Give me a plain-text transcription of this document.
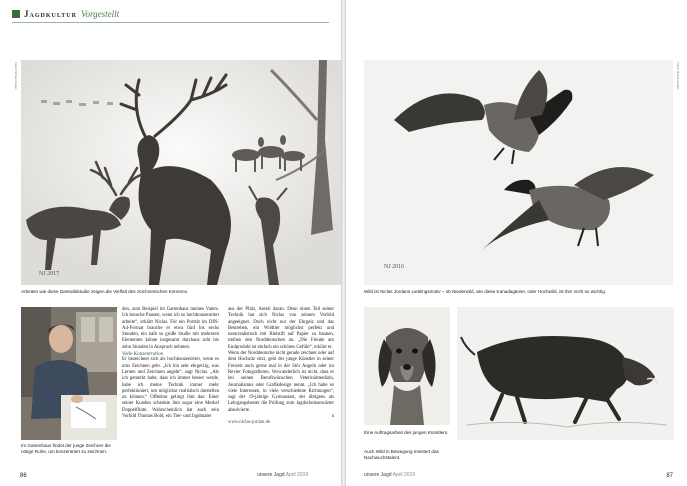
Jagdkultur Vorgestellt
NJ 2017
Fotos: Niclas Jordan
Arbeiten wie diese Damwildstudie zeigen die Vielfalt des zeichnerischen Könnens.
Im Gartenhaus findet der junge Zeichner die nötige Ruhe, um konzentriert zu zeichnen.

den, zum Beispiel im Gartenhaus meines Vaters. Ich brauche Pausen, wenn ich so hochkonzentriert arbeite“, erklärt Niclas. Für ein Porträt im DIN-A4-Format brauche er etwa fünf bis sechs Stunden, ein halb so große Studie mit mehreren Elementen könne insgesamt durchaus acht bis zehn Stunden in Anspruch nehmen.

Volle Konzentration

Er bezeichnet sich als hochkonzentriert, wenn es ums Zeichnen geht. „Ich bin sehr ehrgeizig, was Lernen und Zeichnen angeht“, sagt Niclas. „Als ich gemerkt habe, dass ich immer besser werde, habe ich meine Technik immer mehr perfektioniert, um möglichst realistisch darstellen zu können.“ Offenbar gelingt ihm das: Einer seiner Kunden schenkte ihm sogar eine Merkel Doppelflinte. Wahrscheinlich hat auch sein Vorbild Thomas Bold, ein Tier- und Jagdmaler

aus der Pfalz, Anteil daran. Denn einen Teil seiner Technik hat sich Niclas von seinem Vorbild angeeignet. Doch nicht nur der Ehrgeiz und das Bestreben, ein Wildtier möglichst perfekt und naturrealistisch mit Bleistift auf Papier zu bannen, treiben den Norddeutschen an. „Die Freude am Endprodukt ist einfach ein schönes Gefühl“, erklärt er.

Wenn der Norddeutsche nicht gerade zeichnet oder auf dem Hochsitz sitzt, geht der junge Künstler in seiner Freizeit auch gerne mal in der Stör Angeln oder im Revier Fotografieren. Verwunderlich ist nicht, dass er bei seinen Berufswünschen Veterinärmedizin, Journalismus oder Grafikdesign nennt. „Ich habe so viele Interessen, in viele verschiedene Richtungen“, sagt der 19-jährige Gymnasiast, der übrigens als Lehrgangsbester die Prüfung zum Jagdscheinanwärter absolvierte.

n

www.niclas-jordan.de

86	unsere Jagd April 2019
NJ 2016
Fotos: Niclas Jordan
Wild ist Niclas Jordans Lieblingsmotiv – ob Niederwild, wie diese Kanadagänse, oder Hochwild, ist ihm nicht so wichtig.
Eine Auftragsarbeit des jungen Künstlers.
Auch Wild in Bewegung meistert das Nachwuchstalent.
unsere Jagd April 2019	87
